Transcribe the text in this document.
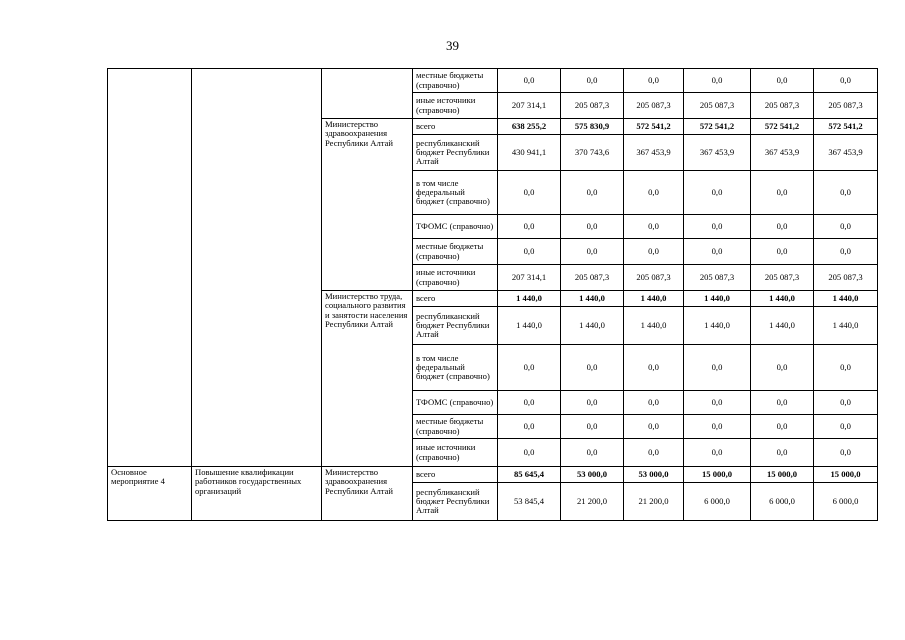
39
			местные бюджеты (справочно)	0,0	0,0	0,0	0,0	0,0	0,0
			иные источники (справочно)	207 314,1	205 087,3	205 087,3	205 087,3	205 087,3	205 087,3
		Министерство здравоохранения Республики Алтай	всего	638 255,2	575 830,9	572 541,2	572 541,2	572 541,2	572 541,2
			республиканский бюджет Республики Алтай	430 941,1	370 743,6	367 453,9	367 453,9	367 453,9	367 453,9
			в том числе федеральный бюджет (справочно)	0,0	0,0	0,0	0,0	0,0	0,0
			ТФОМС (справочно)	0,0	0,0	0,0	0,0	0,0	0,0
			местные бюджеты (справочно)	0,0	0,0	0,0	0,0	0,0	0,0
			иные источники (справочно)	207 314,1	205 087,3	205 087,3	205 087,3	205 087,3	205 087,3
		Министерство труда, социального развития и занятости населения Республики Алтай	всего	1 440,0	1 440,0	1 440,0	1 440,0	1 440,0	1 440,0
			республиканский бюджет Республики Алтай	1 440,0	1 440,0	1 440,0	1 440,0	1 440,0	1 440,0
			в том числе федеральный бюджет (справочно)	0,0	0,0	0,0	0,0	0,0	0,0
			ТФОМС (справочно)	0,0	0,0	0,0	0,0	0,0	0,0
			местные бюджеты (справочно)	0,0	0,0	0,0	0,0	0,0	0,0
			иные источники (справочно)	0,0	0,0	0,0	0,0	0,0	0,0
Основное мероприятие 4	Повышение квалификации работников государственных организаций	Министерство здравоохранения Республики Алтай	всего	85 645,4	53 000,0	53 000,0	15 000,0	15 000,0	15 000,0
			республиканский бюджет Республики Алтай	53 845,4	21 200,0	21 200,0	6 000,0	6 000,0	6 000,0
